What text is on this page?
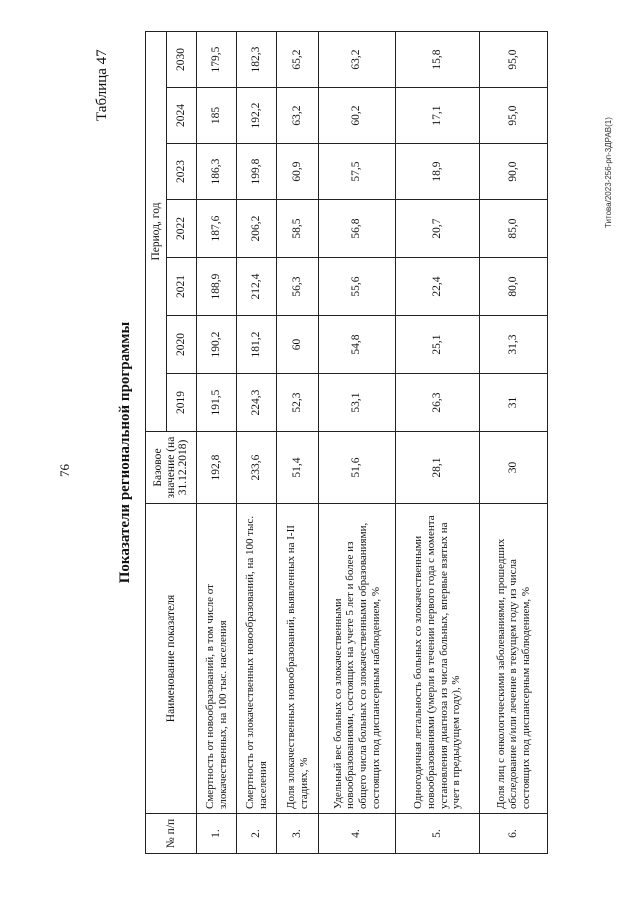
76
Таблица 47
Показатели региональной программы
№ п/п	Наименование показателя	Базовое значение (на 31.12.2018)	Период, год						
			2019	2020	2021	2022	2023	2024	2030
1.	Смертность от новообразований, в том числе от злокачественных, на 100 тыс. населения	192,8	191,5	190,2	188,9	187,6	186,3	185	179,5
2.	Смертность от злокачественных новообразований, на 100 тыс. населения	233,6	224,3	181,2	212,4	206,2	199,8	192,2	182,3
3.	Доля злокачественных новообразований, выявленных на I-II стадиях, %	51,4	52,3	60	56,3	58,5	60,9	63,2	65,2
4.	Удельный вес больных со злокачественными новообразованиями, состоящих на учете 5 лет и более из общего числа больных со злокачественными образованиями, состоящих под диспансерным наблюдением, %	51,6	53,1	54,8	55,6	56,8	57,5	60,2	63,2
5.	Одногодичная летальность больных со злокачественными новообразованиями (умерли в течении первого года с момента установления диагноза из числа больных, впервые взятых на учет в предыдущем году), %	28,1	26,3	25,1	22,4	20,7	18,9	17,1	15,8
6.	Доля лиц с онкологическими заболеваниями, прошедших обследование и/или лечение в текущем году из числа состоящих под диспансерным наблюдением, %	30	31	31,3	80,0	85,0	90,0	95,0	95,0
Титова/2023-256-рп-3ДРАВ(1)
